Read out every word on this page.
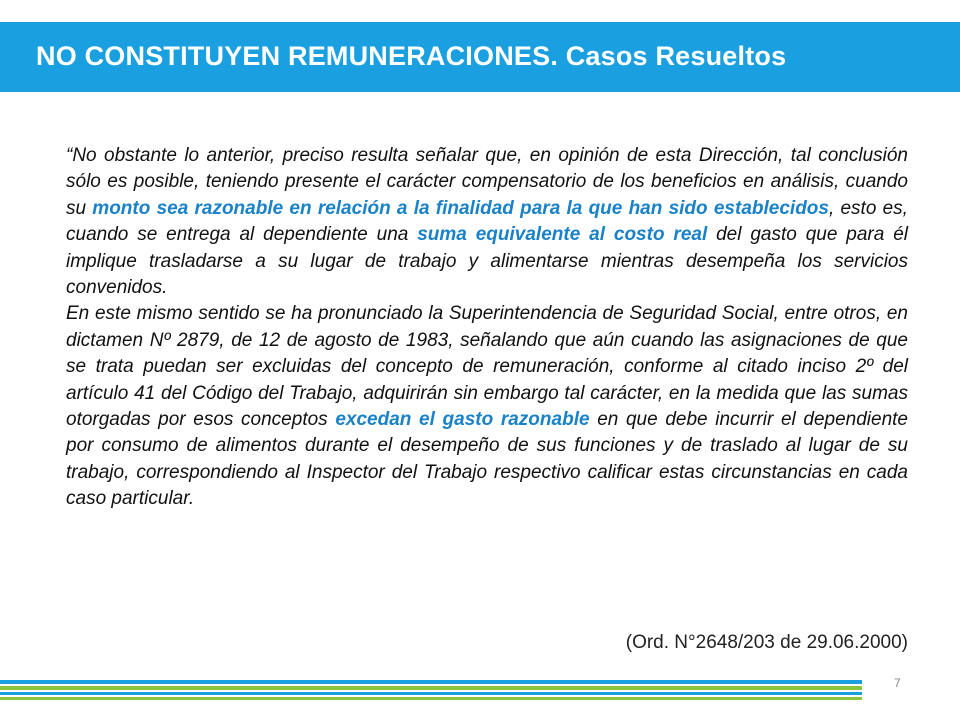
NO CONSTITUYEN REMUNERACIONES. Casos Resueltos

“No obstante lo anterior, preciso resulta señalar que, en opinión de esta Dirección, tal conclusión sólo es posible, teniendo presente el carácter compensatorio de los beneficios en análisis, cuando su monto sea razonable en relación a la finalidad para la que han sido establecidos, esto es, cuando se entrega al dependiente una suma equivalente al costo real del gasto que para él implique trasladarse a su lugar de trabajo y alimentarse mientras desempeña los servicios convenidos.

En este mismo sentido se ha pronunciado la Superintendencia de Seguridad Social, entre otros, en dictamen Nº 2879, de 12 de agosto de 1983, señalando que aún cuando las asignaciones de que se trata puedan ser excluidas del concepto de remuneración, conforme al citado inciso 2º del artículo 41 del Código del Trabajo, adquirirán sin embargo tal carácter, en la medida que las sumas otorgadas por esos conceptos excedan el gasto razonable en que debe incurrir el dependiente por consumo de alimentos durante el desempeño de sus funciones y de traslado al lugar de su trabajo, correspondiendo al Inspector del Trabajo respectivo calificar estas circunstancias en cada caso particular.

(Ord. N°2648/203 de 29.06.2000)
7
